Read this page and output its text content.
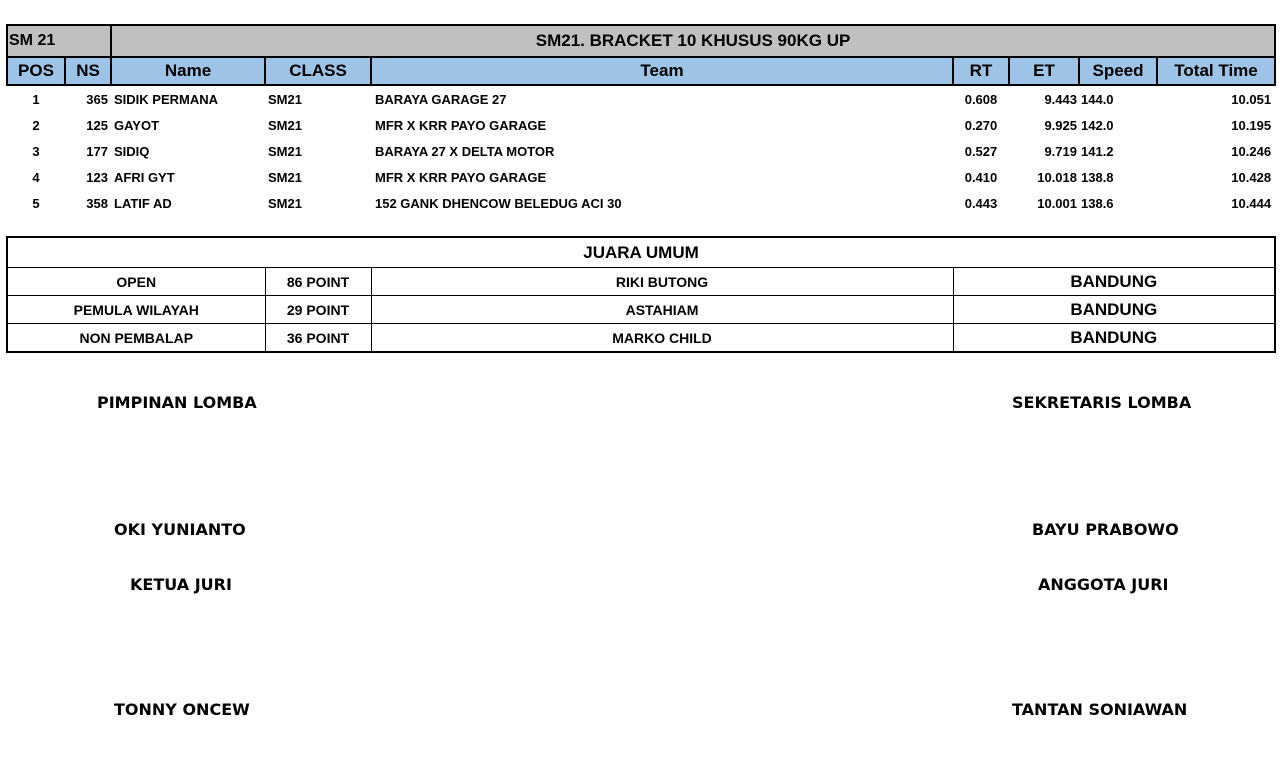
SM 21		SM21. BRACKET 10 KHUSUS 90KG UP						
POS	NS	Name	CLASS	Team	RT	ET	Speed	Total Time
1	365	SIDIK PERMANA	SM21	BARAYA GARAGE 27	0.608	9.443	144.0	10.051
2	125	GAYOT	SM21	MFR X KRR PAYO GARAGE	0.270	9.925	142.0	10.195
3	177	SIDIQ	SM21	BARAYA 27 X DELTA MOTOR	0.527	9.719	141.2	10.246
4	123	AFRI GYT	SM21	MFR X KRR PAYO GARAGE	0.410	10.018	138.8	10.428
5	358	LATIF AD	SM21	152 GANK DHENCOW BELEDUG ACI 30	0.443	10.001	138.6	10.444
JUARA UMUM			
OPEN	86 POINT	RIKI BUTONG	BANDUNG
PEMULA WILAYAH	29 POINT	ASTAHIAM	BANDUNG
NON PEMBALAP	36 POINT	MARKO CHILD	BANDUNG
PIMPINAN LOMBA
OKI YUNIANTO
KETUA JURI
TONNY ONCEW
SEKRETARIS LOMBA
BAYU PRABOWO
ANGGOTA JURI
TANTAN SONIAWAN
